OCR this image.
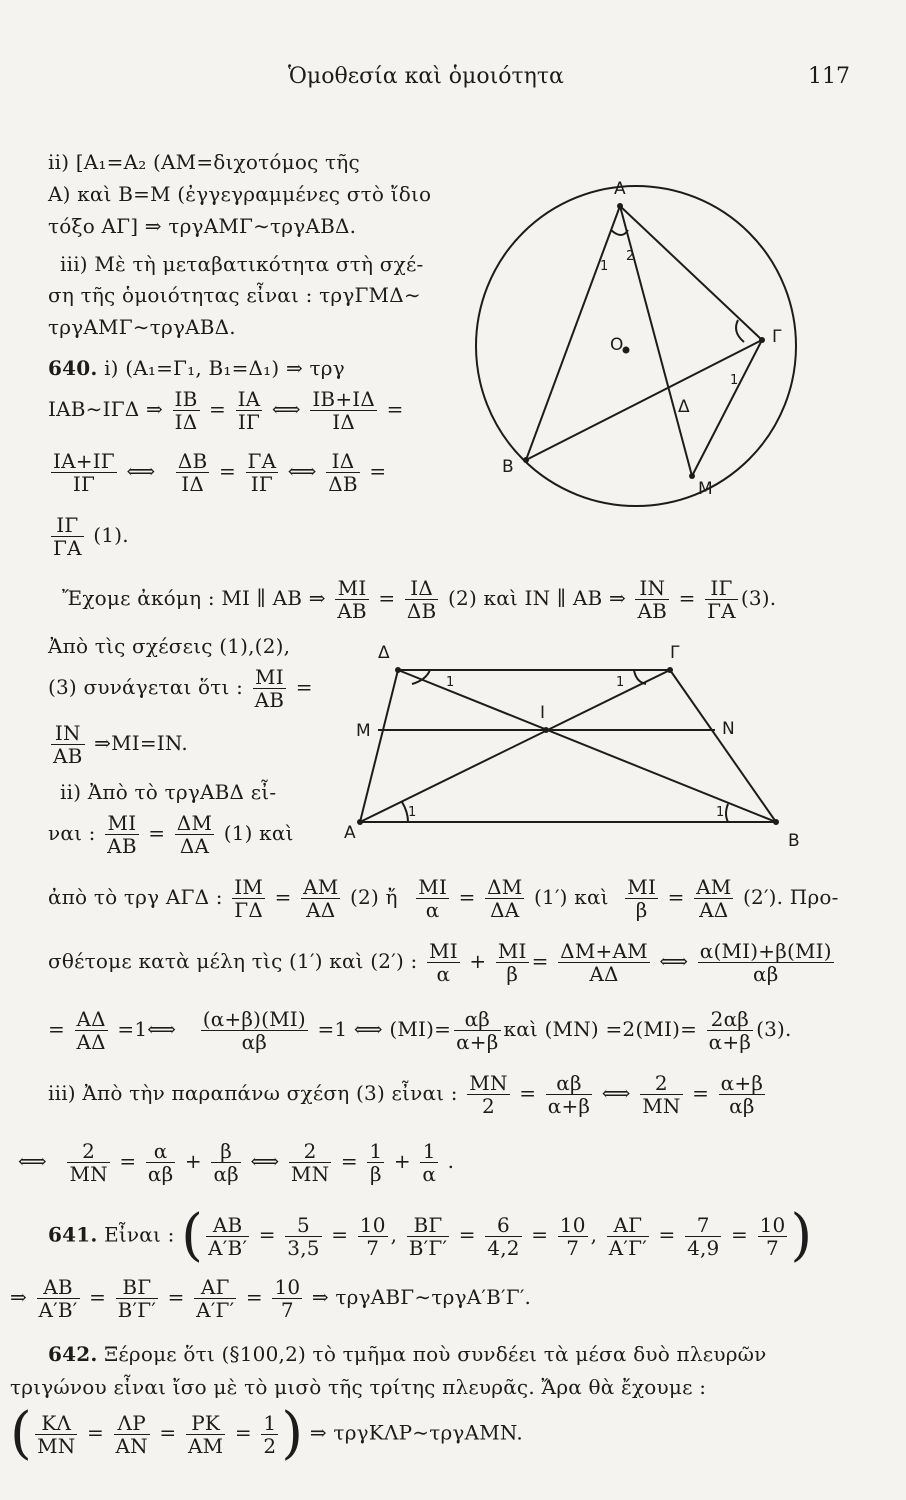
Ὁμοθεσία καὶ ὁμοιότητα	117
ii) [A₁=A₂ (AM=διχοτόμος τῆς
A) καὶ B=M (ἐγγεγραμμένες στὸ ἴδιο
τόξο AΓ] ⇒ τργAMΓ∼τργABΔ.
iii) Μὲ τὴ μεταβατικότητα στὴ σχέ-
ση τῆς ὁμοιότητας εἶναι : τργΓMΔ∼
τργAMΓ∼τργABΔ.
640. i) (A₁=Γ₁, B₁=Δ₁) ⇒ τργ
IAB∼IΓΔ ⇒ $\frac{IB}{I\Delta} = \frac{IA}{I\Gamma}$ ⟺ $\frac{IB+I\Delta}{I\Delta}$ =
$\frac{IA+I\Gamma}{I\Gamma}$ ⟺ $\frac{\Delta B}{I\Delta} = \frac{\Gamma A}{I\Gamma}$ ⟺ $\frac{I\Delta}{\Delta B}$ =
$\frac{I\Gamma}{\Gamma A} (1)$.
Ἔχομε ἀκόμη : MI ∥ AB ⇒ $\frac{MI}{AB} = \frac{I\Delta}{\Delta B} (2)$ καὶ IN ∥ AB ⇒ $\frac{IN}{AB} = \frac{I\Gamma}{\Gamma A} (3)$.
Ἀπὸ τὶς σχέσεις (1),(2),
(3) συνάγεται ὅτι : $\frac{MI}{AB}$ =
$\frac{IN}{AB}$ ⇒MI=IN.
ii) Ἀπὸ τὸ τργABΔ εἶ-
ναι : $\frac{MI}{AB} = \frac{\Delta M}{\Delta A} (1)$ καὶ
ἀπὸ τὸ τργ AΓΔ : $\frac{IM}{\Gamma\Delta} = \frac{AM}{A\Delta} (2)$ ἤ $\frac{MI}{\alpha} = \frac{\Delta M}{\Delta A} (1')$ καὶ $\frac{MI}{\beta} = \frac{AM}{A\Delta} (2')$. Προ-
σθέτομε κατὰ μέλη τὶς (1′) καὶ (2′) : $\frac{MI}{\alpha} + \frac{MI}{\beta} = \frac{\Delta M+AM}{A\Delta}$ ⟺ $\frac{\alpha(MI)+\beta(MI)}{\alpha\beta}$
= $\frac{A\Delta}{A\Delta}$ =1⟺ $\frac{(\alpha+\beta)(MI)}{\alpha\beta} =1$ ⟺ $(MI)= \frac{\alpha\beta}{\alpha+\beta}$ καὶ $(MN) =2(MI)= \frac{2\alpha\beta}{\alpha+\beta} (3)$.
iii) Ἀπὸ τὴν παραπάνω σχέση (3) εἶναι : $\frac{MN}{2} = \frac{\alpha\beta}{\alpha+\beta}$ ⟺ $\frac{2}{MN} = \frac{\alpha+\beta}{\alpha\beta}$
⟺ $\frac{2}{MN} = \frac{\alpha}{\alpha\beta} + \frac{\beta}{\alpha\beta}$ ⟺ $\frac{2}{MN} = \frac{1}{\beta} + \frac{1}{\alpha}$ .
641. Εἶναι : ( $\frac{AB}{A'B'} = \frac{5}{3,5} = \frac{10}{7}$ , $\frac{B\Gamma}{B'\Gamma'} = \frac{6}{4,2} = \frac{10}{7}$ , $\frac{A\Gamma}{A'\Gamma'} = \frac{7}{4,9} = \frac{10}{7}$ )
⇒ $\frac{AB}{A'B'} = \frac{B\Gamma}{B'\Gamma'} = \frac{A\Gamma}{A'\Gamma'} = \frac{10}{7}$ ⇒ τργABΓ∼τργA′B′Γ′.
642. Ξέρομε ὅτι (§100,2) τὸ τμῆμα ποὺ συνδέει τὰ μέσα δυὸ πλευρῶν
τριγώνου εἶναι ἴσο μὲ τὸ μισὸ τῆς τρίτης πλευρᾶς. Ἄρα θὰ ἔχουμε :
( $\frac{K\Lambda}{MN} = \frac{\Lambda P}{AN} = \frac{PK}{AM} = \frac{1}{2}$ ) ⇒ τργKΛP∼τργAMN.
A
Γ
B
M
Δ
O
1
2
1
Δ	Γ
A	B
M	N
I
1	1
1	1
